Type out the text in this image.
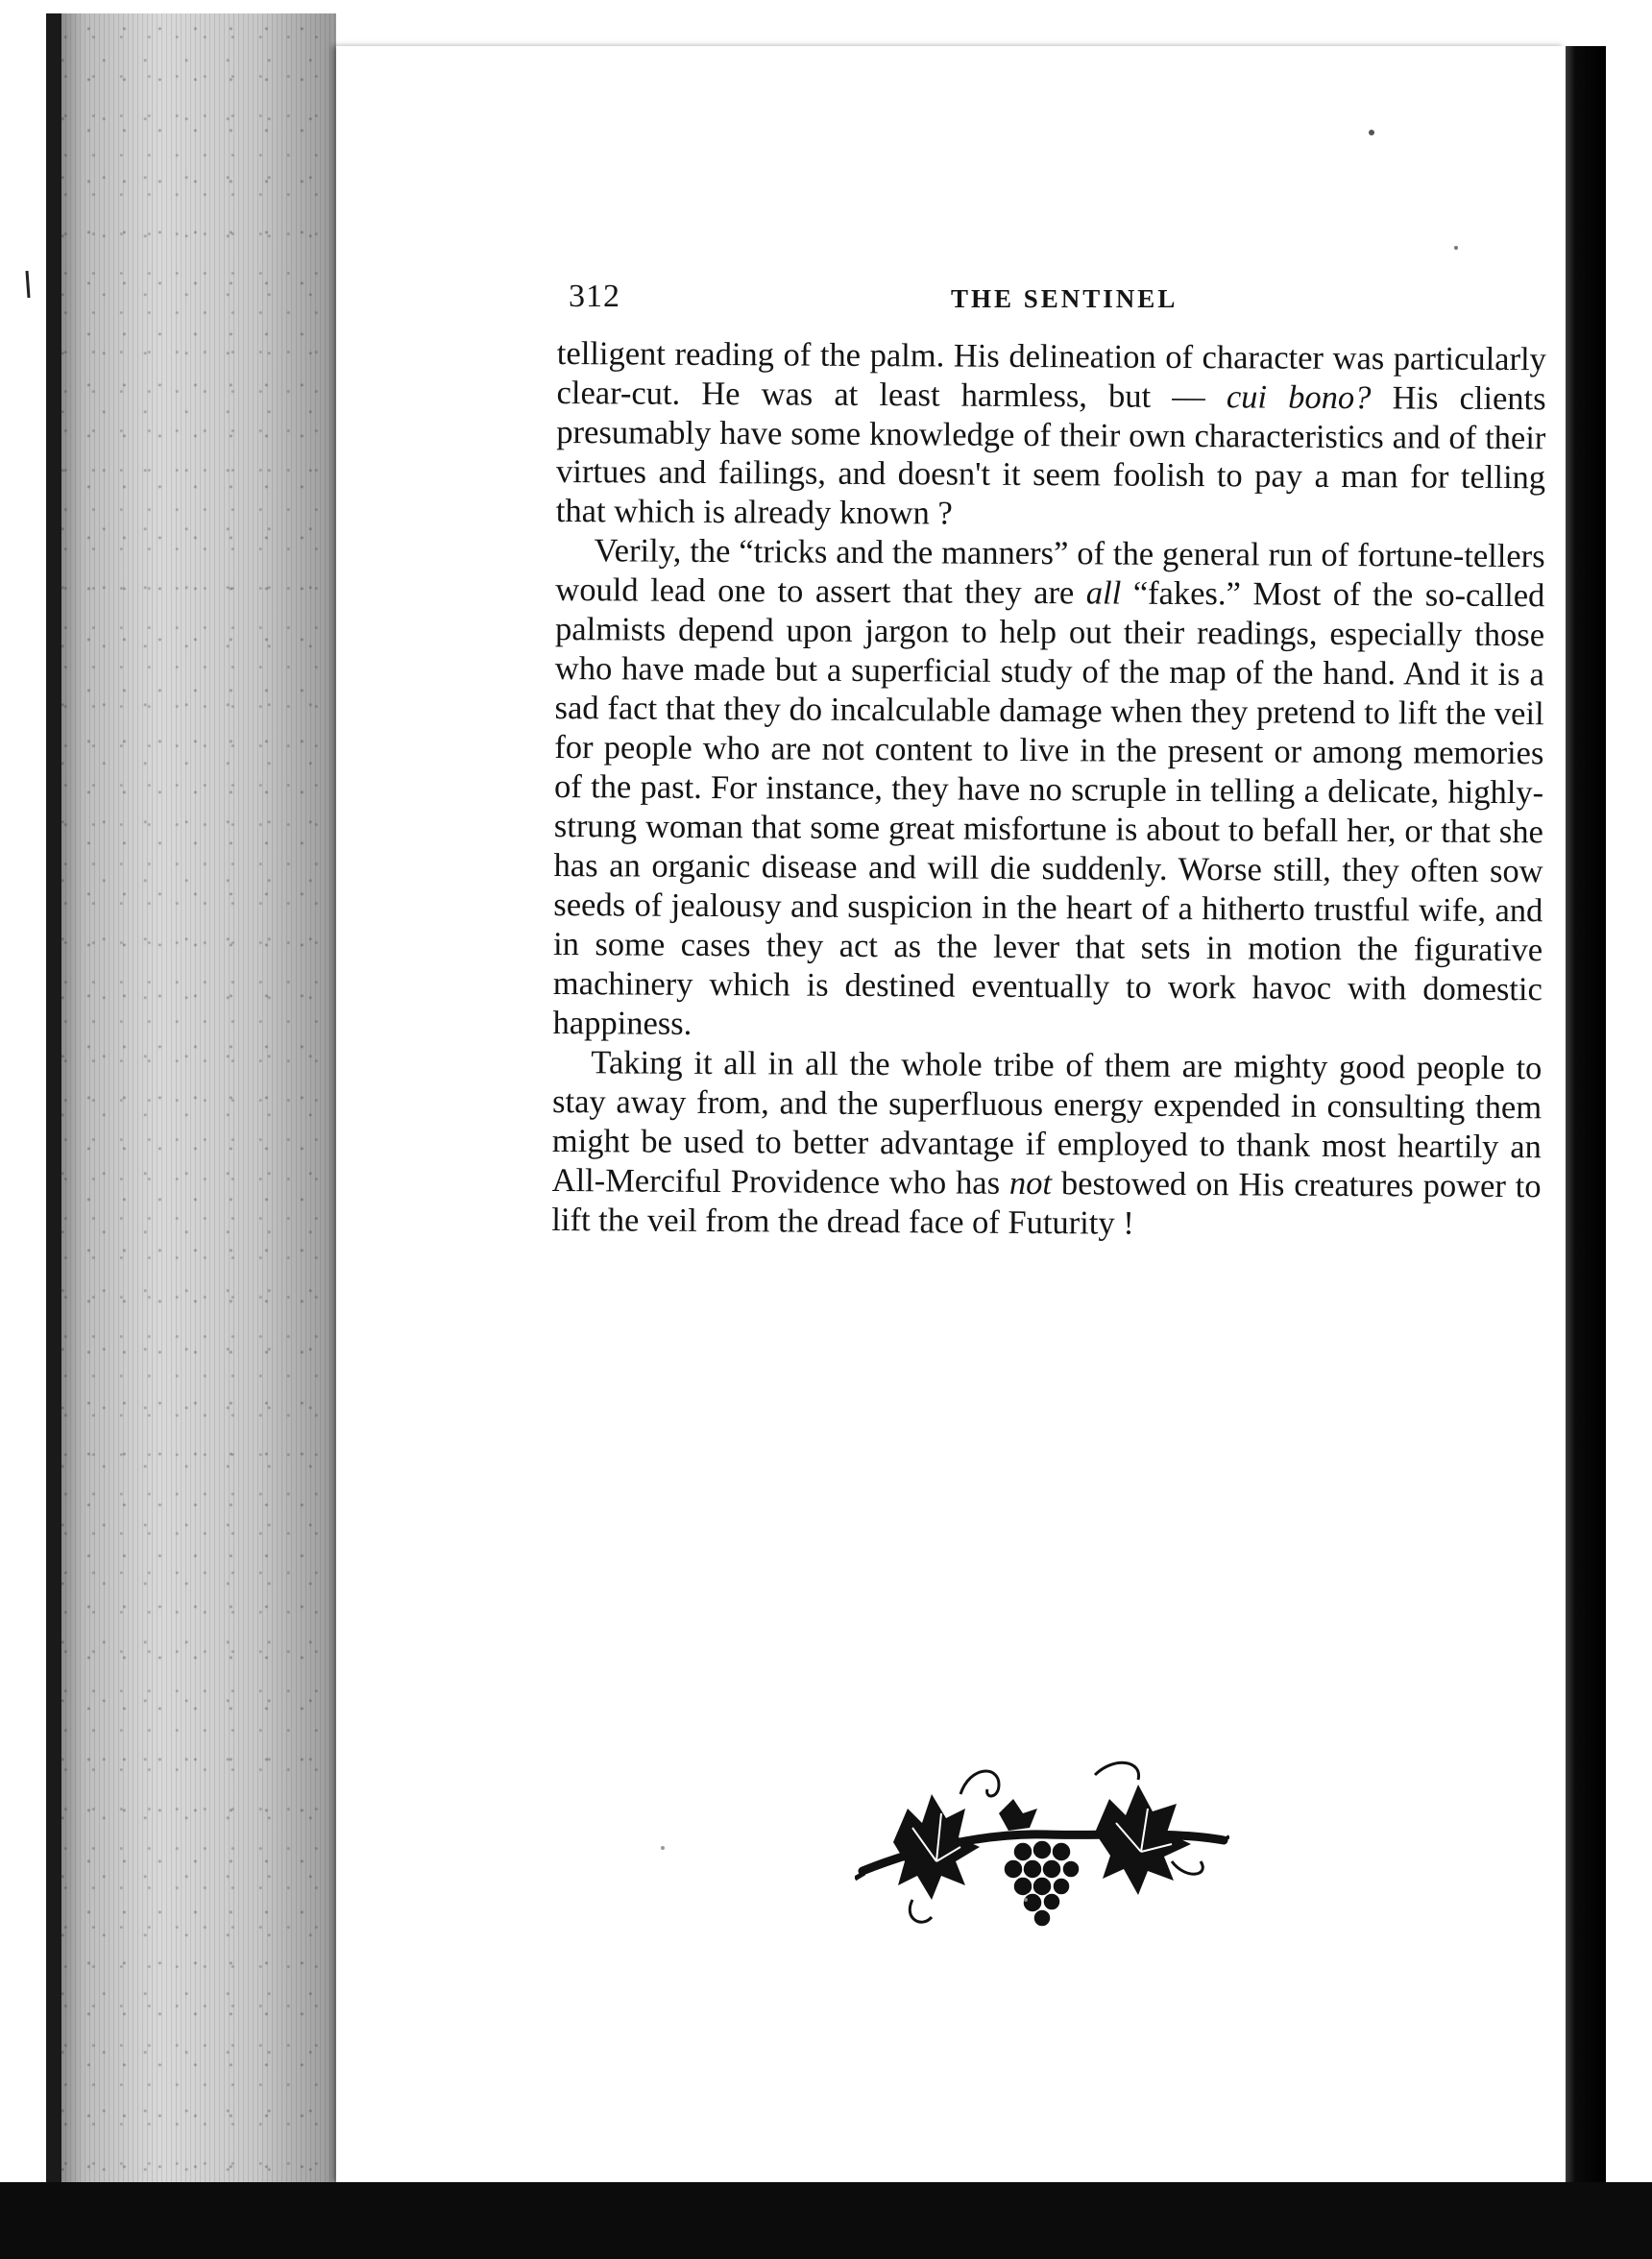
312	THE SENTINEL

telligent reading of the palm. His delineation of character was particularly clear-cut. He was at least harmless, but — cui bono? His clients presumably have some knowledge of their own characteristics and of their virtues and failings, and doesn't it seem foolish to pay a man for telling that which is already known ?

Verily, the “tricks and the manners” of the general run of fortune-tellers would lead one to assert that they are all “fakes.” Most of the so-called palmists depend upon jargon to help out their readings, especially those who have made but a superficial study of the map of the hand. And it is a sad fact that they do incalculable damage when they pretend to lift the veil for people who are not content to live in the present or among memories of the past. For instance, they have no scruple in telling a delicate, highly-strung woman that some great misfortune is about to befall her, or that she has an organic disease and will die suddenly. Worse still, they often sow seeds of jealousy and suspicion in the heart of a hitherto trustful wife, and in some cases they act as the lever that sets in motion the figurative machinery which is destined eventually to work havoc with domestic happiness.

Taking it all in all the whole tribe of them are mighty good people to stay away from, and the superfluous energy expended in consulting them might be used to better advantage if employed to thank most heartily an All-Merciful Providence who has not bestowed on His creatures power to lift the veil from the dread face of Futurity !
